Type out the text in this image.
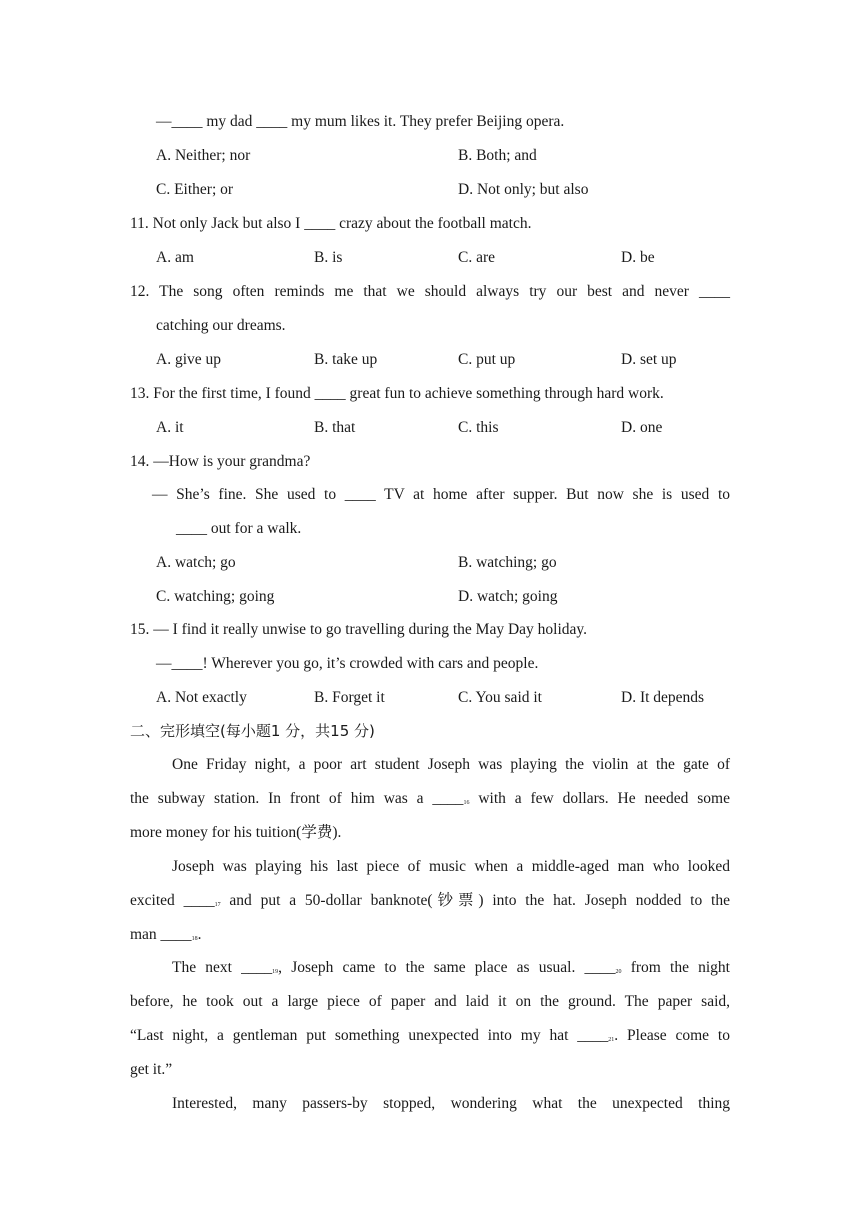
—____ my dad ____ my mum likes it. They prefer Beijing opera.
A. Neither; nor	B. Both; and
C. Either; or	D. Not only; but also
11. Not only Jack but also I ____ crazy about the football match.
A. am	B. is	C. are	D. be
12. The song often reminds me that we should always try our best and never ____
catching our dreams.
A. give up	B. take up	C. put up	D. set up
13. For the first time, I found ____ great fun to achieve something through hard work.
A. it	B. that	C. this	D. one
14. —How is your grandma?
— She’s fine. She used to ____ TV at home after supper. But now she is used to
____ out for a walk.
A. watch; go	B. watching; go
C. watching; going	D. watch; going
15. — I find it really unwise to go travelling during the May Day holiday.
—____! Wherever you go, it’s crowded with cars and people.
A. Not exactly	B. Forget it	C. You said it	D. It depends
二、完形填空(每小题1 分，共15 分)
One Friday night, a poor art student Joseph was playing the violin at the gate of
the subway station. In front of him was a $\_\_\_\__{16}$ with a few dollars. He needed some
more money for his tuition(学费).
Joseph was playing his last piece of music when a middle-aged man who looked
excited $\_\_\_\__{17}$ and put a 50-dollar banknote(钞票) into the hat. Joseph nodded to the
man $\_\_\_\__{18}$.
The next $\_\_\_\__{19}$, Joseph came to the same place as usual. $\_\_\_\__{20}$ from the night
before, he took out a large piece of paper and laid it on the ground. The paper said,
“Last night, a gentleman put something unexpected into my hat $\_\_\_\__{21}$. Please come to
get it.”
Interested, many passers-by stopped, wondering what the unexpected thing
